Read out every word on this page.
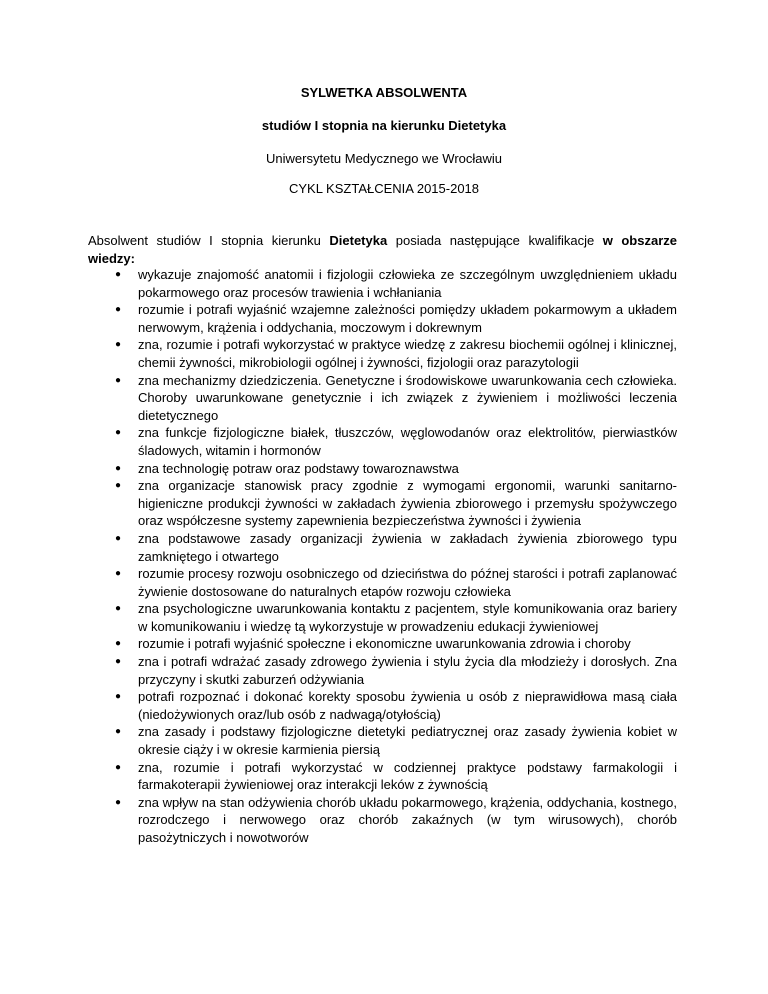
SYLWETKA ABSOLWENTA
studiów I stopnia na kierunku Dietetyka
Uniwersytetu Medycznego we Wrocławiu
CYKL KSZTAŁCENIA 2015-2018

Absolwent studiów I stopnia kierunku Dietetyka posiada następujące kwalifikacje w obszarze wiedzy:

● wykazuje znajomość anatomii i fizjologii człowieka ze szczególnym uwzględnieniem układu pokarmowego oraz procesów trawienia i wchłaniania
● rozumie i potrafi wyjaśnić wzajemne zależności pomiędzy układem pokarmowym a układem nerwowym, krążenia i oddychania, moczowym i dokrewnym
● zna, rozumie i potrafi wykorzystać w praktyce wiedzę z zakresu biochemii ogólnej i klinicznej, chemii żywności, mikrobiologii ogólnej i żywności, fizjologii oraz parazytologii
● zna mechanizmy dziedziczenia. Genetyczne i środowiskowe uwarunkowania cech człowieka. Choroby uwarunkowane genetycznie i ich związek z żywieniem i możliwości leczenia dietetycznego
● zna funkcje fizjologiczne białek, tłuszczów, węglowodanów oraz elektrolitów, pierwiastków śladowych, witamin i hormonów
● zna technologię potraw oraz podstawy towaroznawstwa
● zna organizacje stanowisk pracy zgodnie z wymogami ergonomii, warunki sanitarno-higieniczne produkcji żywności w zakładach żywienia zbiorowego i przemysłu spożywczego oraz współczesne systemy zapewnienia bezpieczeństwa żywności i żywienia
● zna podstawowe zasady organizacji żywienia w zakładach żywienia zbiorowego typu zamkniętego i otwartego
● rozumie procesy rozwoju osobniczego od dzieciństwa do późnej starości i potrafi zaplanować żywienie dostosowane do naturalnych etapów rozwoju człowieka
● zna psychologiczne uwarunkowania kontaktu z pacjentem, style komunikowania oraz bariery w komunikowaniu i wiedzę tą wykorzystuje w prowadzeniu edukacji żywieniowej
● rozumie i potrafi wyjaśnić społeczne i ekonomiczne uwarunkowania zdrowia i choroby
● zna i potrafi wdrażać zasady zdrowego żywienia i stylu życia dla młodzieży i dorosłych. Zna przyczyny i skutki zaburzeń odżywiania
● potrafi rozpoznać i dokonać korekty sposobu żywienia u osób z nieprawidłowa masą ciała (niedożywionych oraz/lub osób z nadwagą/otyłością)
● zna zasady i podstawy fizjologiczne dietetyki pediatrycznej oraz zasady żywienia kobiet w okresie ciąży i w okresie karmienia piersią
● zna, rozumie i potrafi wykorzystać w codziennej praktyce podstawy farmakologii i farmakoterapii żywieniowej oraz interakcji leków z żywnością
● zna wpływ na stan odżywienia chorób układu pokarmowego, krążenia, oddychania, kostnego, rozrodczego i nerwowego oraz chorób zakaźnych (w tym wirusowych), chorób pasożytniczych i nowotworów
